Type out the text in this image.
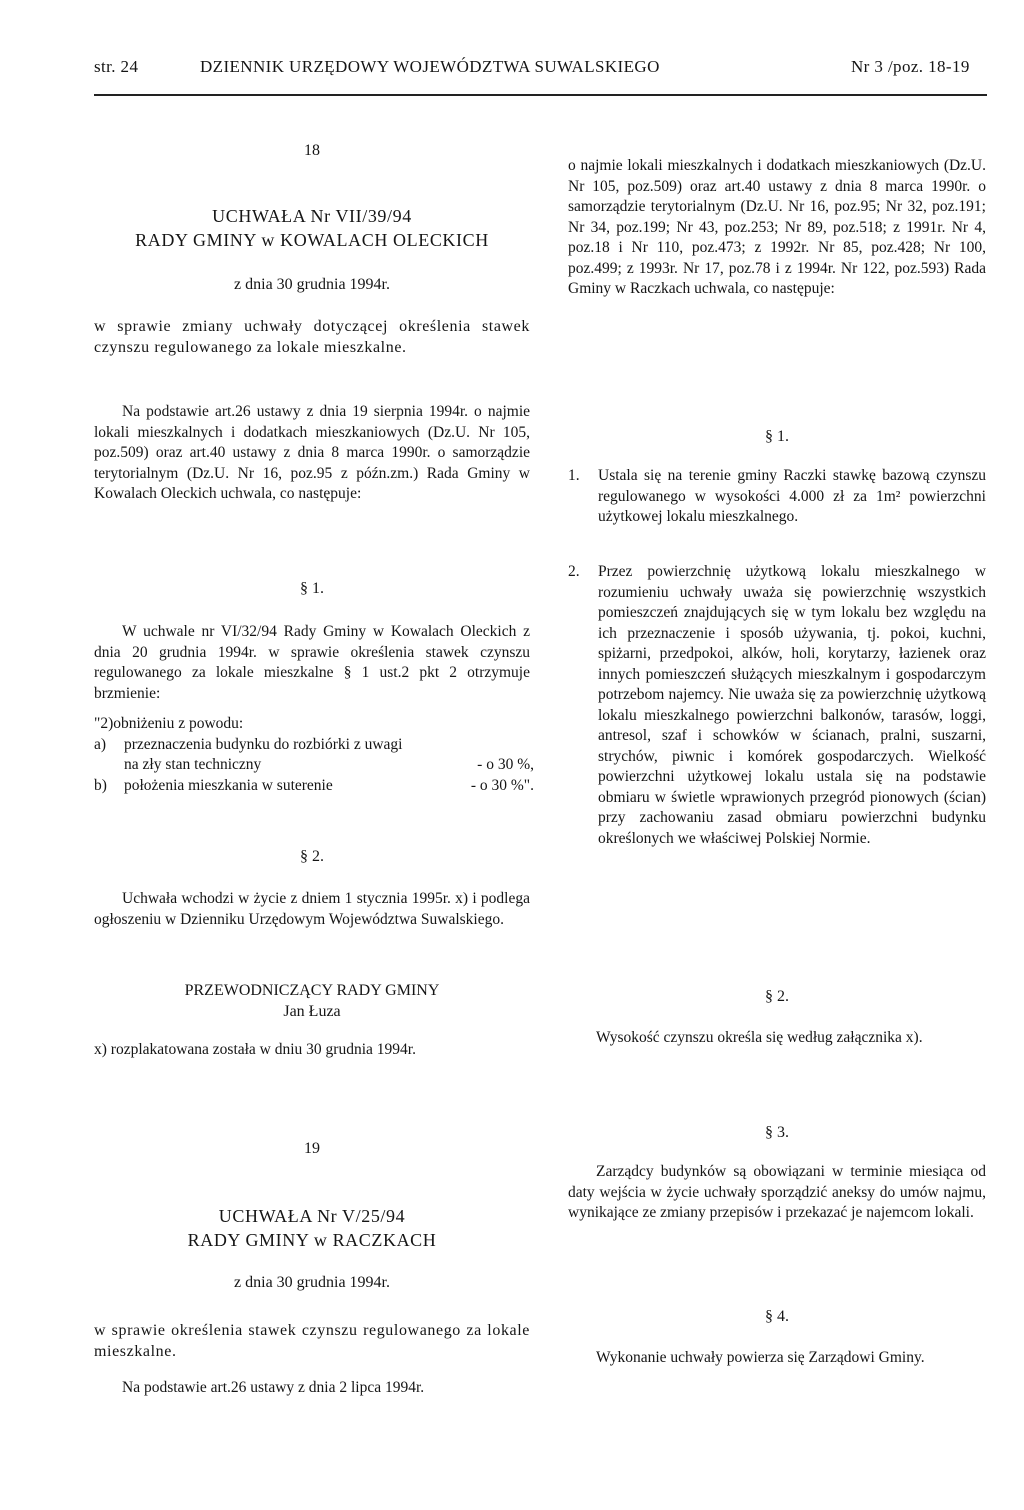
str. 24	DZIENNIK URZĘDOWY WOJEWÓDZTWA SUWALSKIEGO	Nr 3 /poz. 18-19
18
UCHWAŁA Nr VII/39/94
RADY GMINY w KOWALACH OLECKICH
z dnia 30 grudnia 1994r.
w sprawie zmiany uchwały dotyczącej określenia stawek czynszu regulowanego za lokale mieszkalne.
Na podstawie art.26 ustawy z dnia 19 sierpnia 1994r. o najmie lokali mieszkalnych i dodatkach mieszkaniowych (Dz.U. Nr 105, poz.509) oraz art.40 ustawy z dnia 8 marca 1990r. o samorządzie terytorialnym (Dz.U. Nr 16, poz.95 z późn.zm.) Rada Gminy w Kowalach Oleckich uchwala, co następuje:
§ 1.
W uchwale nr VI/32/94 Rady Gminy w Kowalach Oleckich z dnia 20 grudnia 1994r. w sprawie określenia stawek czynszu regulowanego za lokale mieszkalne § 1 ust.2 pkt 2 otrzymuje brzmienie:
"2)obniżeniu z powodu:
a) przeznaczenia budynku do rozbiórki z uwagi
na zły stan techniczny	- o 30 %,
b) położenia mieszkania w suterenie	- o 30 %".
§ 2.
Uchwała wchodzi w życie z dniem 1 stycznia 1995r. x) i podlega ogłoszeniu w Dzienniku Urzędowym Województwa Suwalskiego.
PRZEWODNICZĄCY RADY GMINY
Jan Łuza
x) rozplakatowana została w dniu 30 grudnia 1994r.
19
UCHWAŁA Nr V/25/94
RADY GMINY w RACZKACH
z dnia 30 grudnia 1994r.
w sprawie określenia stawek czynszu regulowanego za lokale mieszkalne.
Na podstawie art.26 ustawy z dnia 2 lipca 1994r.
o najmie lokali mieszkalnych i dodatkach mieszkaniowych (Dz.U. Nr 105, poz.509) oraz art.40 ustawy z dnia 8 marca 1990r. o samorządzie terytorialnym (Dz.U. Nr 16, poz.95; Nr 32, poz.191; Nr 34, poz.199; Nr 43, poz.253; Nr 89, poz.518; z 1991r. Nr 4, poz.18 i Nr 110, poz.473; z 1992r. Nr 85, poz.428; Nr 100, poz.499; z 1993r. Nr 17, poz.78 i z 1994r. Nr 122, poz.593) Rada Gminy w Raczkach uchwala, co następuje:
§ 1.
1. Ustala się na terenie gminy Raczki stawkę bazową czynszu regulowanego w wysokości 4.000 zł za 1m² powierzchni użytkowej lokalu mieszkalnego.
2. Przez powierzchnię użytkową lokalu mieszkalnego w rozumieniu uchwały uważa się powierzchnię wszystkich pomieszczeń znajdujących się w tym lokalu bez względu na ich przeznaczenie i sposób używania, tj. pokoi, kuchni, spiżarni, przedpokoi, alków, holi, korytarzy, łazienek oraz innych pomieszczeń służących mieszkalnym i gospodarczym potrzebom najemcy. Nie uważa się za powierzchnię użytkową lokalu mieszkalnego powierzchni balkonów, tarasów, loggi, antresol, szaf i schowków w ścianach, pralni, suszarni, strychów, piwnic i komórek gospodarczych. Wielkość powierzchni użytkowej lokalu ustala się na podstawie obmiaru w świetle wprawionych przegród pionowych (ścian) przy zachowaniu zasad obmiaru powierzchni budynku określonych we właściwej Polskiej Normie.
§ 2.
Wysokość czynszu określa się według załącznika x).
§ 3.
Zarządcy budynków są obowiązani w terminie miesiąca od daty wejścia w życie uchwały sporządzić aneksy do umów najmu, wynikające ze zmiany przepisów i przekazać je najemcom lokali.
§ 4.
Wykonanie uchwały powierza się Zarządowi Gminy.
